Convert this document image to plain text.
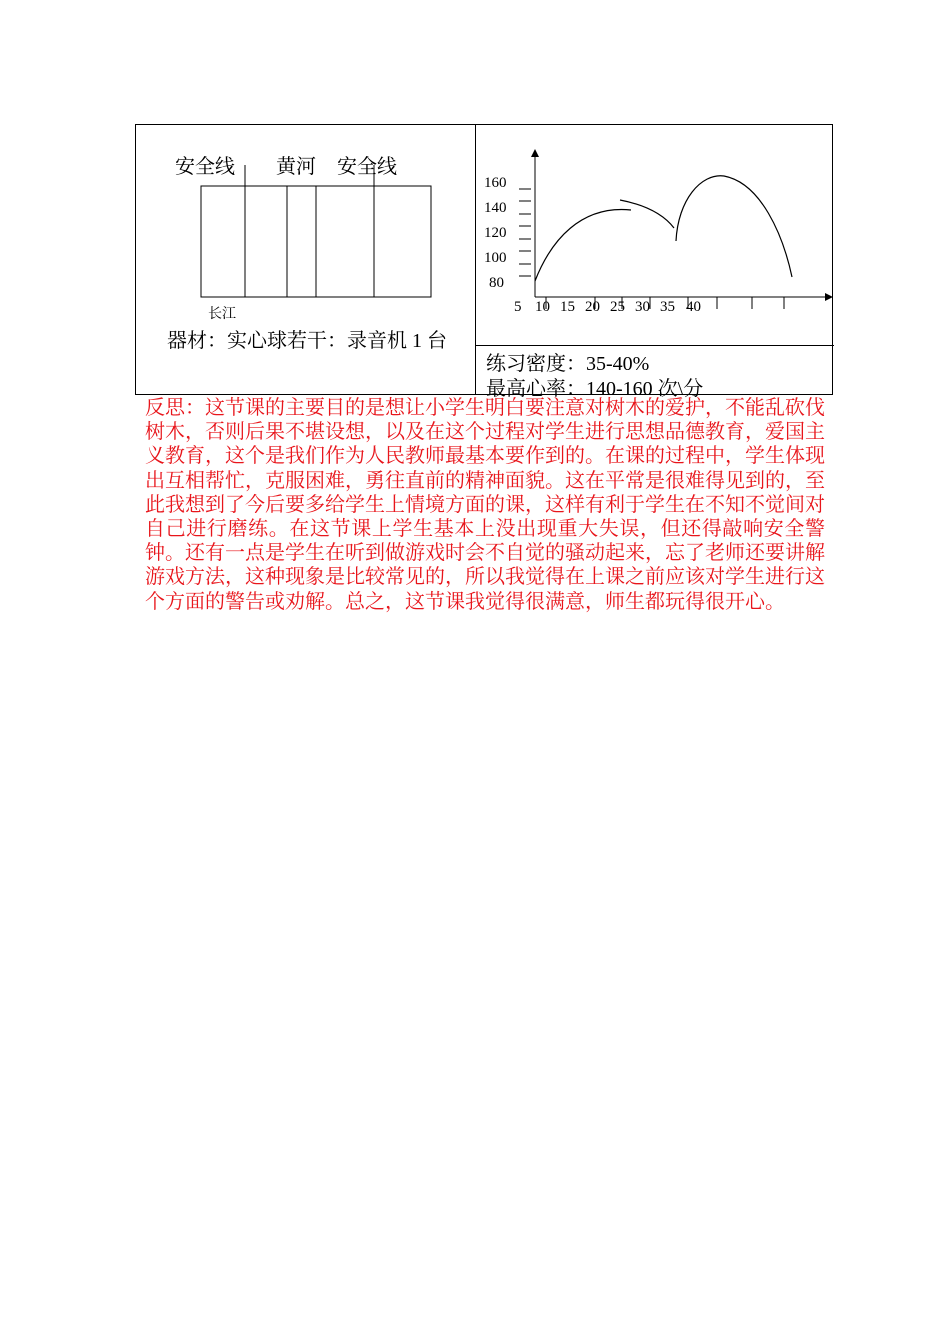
安全线 黄河 安全线
长江
器材：实心球若干：录音机 1 台
160
140
120
100
80
5 10 15 20 25 30 35 40
练习密度：35-40%
最高心率：140-160 次\分
反思：这节课的主要目的是想让小学生明白要注意对树木的爱护，不能乱砍伐树木，否则后果不堪设想，以及在这个过程对学生进行思想品德教育，爱国主义教育，这个是我们作为人民教师最基本要作到的。在课的过程中，学生体现出互相帮忙，克服困难，勇往直前的精神面貌。这在平常是很难得见到的，至此我想到了今后要多给学生上情境方面的课，这样有利于学生在不知不觉间对自己进行磨练。在这节课上学生基本上没出现重大失误，但还得敲响安全警钟。还有一点是学生在听到做游戏时会不自觉的骚动起来，忘了老师还要讲解游戏方法，这种现象是比较常见的，所以我觉得在上课之前应该对学生进行这个方面的警告或劝解。总之，这节课我觉得很满意，师生都玩得很开心。
